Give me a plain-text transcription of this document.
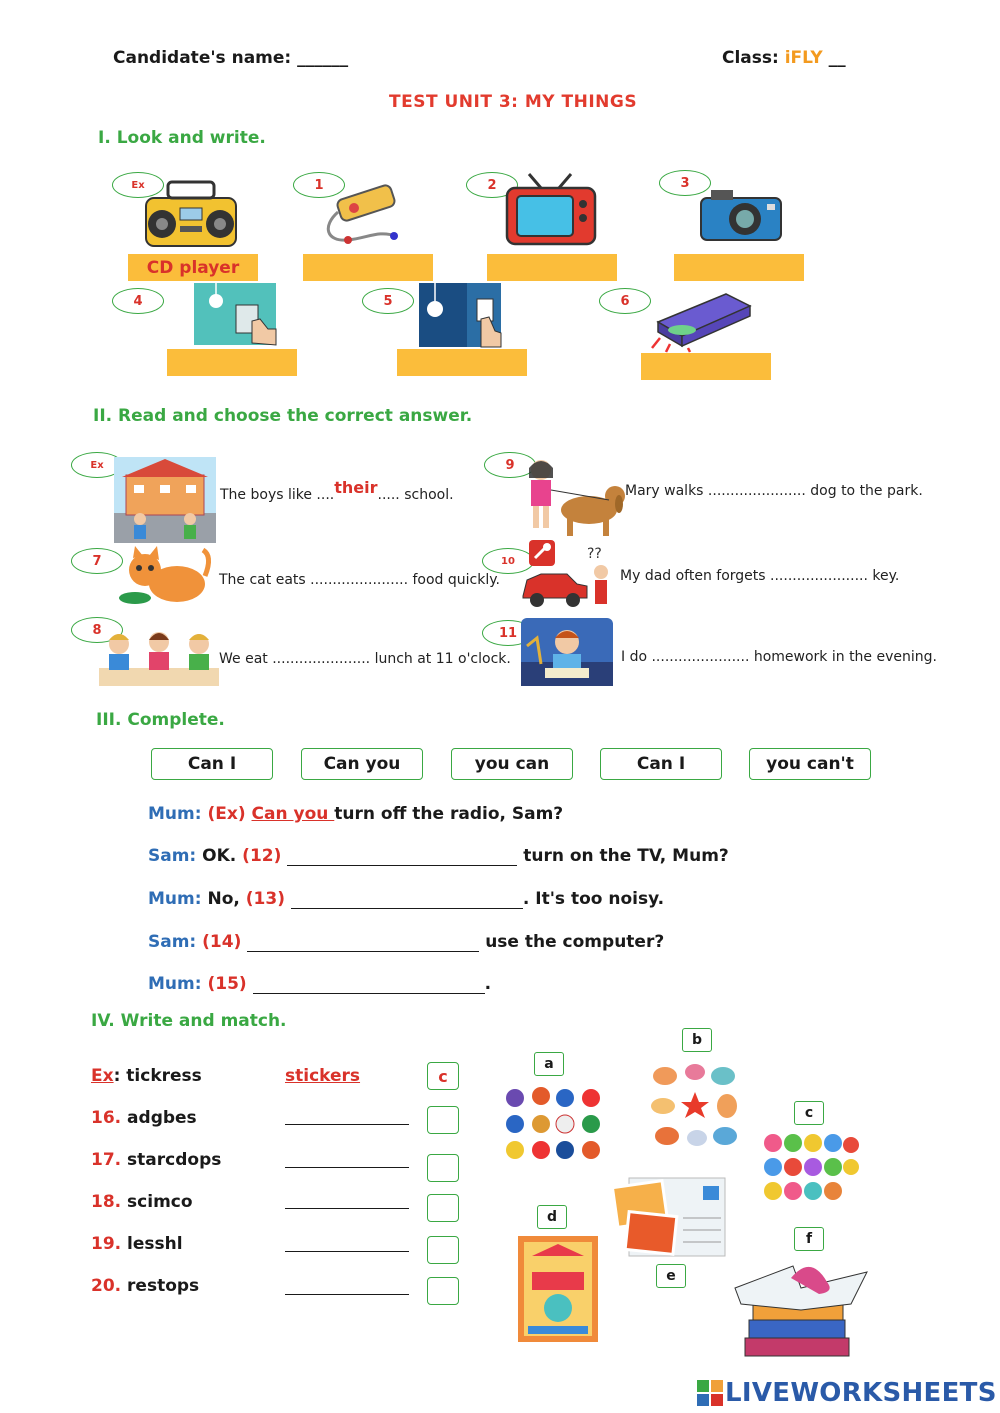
Candidate's name: ______	Class: iFLY __
TEST UNIT 3: MY THINGS
I. Look and write.
Ex
CD player
1	2	3
4	5	6
II. Read and choose the correct answer.
Ex
The boys like ....their..... school.
7
The cat eats ...................... food quickly.
8
We eat ...................... lunch at 11 o'clock.
9
Mary walks ...................... dog to the park.
10	??
My dad often forgets ...................... key.
11
I do ...................... homework in the evening.
III. Complete.
Can I	Can you	you can	Can I	you can't
Mum: (Ex) Can you turn off the radio, Sam?
Sam: OK. (12)	turn on the TV, Mum?
Mum: No, (13)	. It's too noisy.
Sam: (14)	use the computer?
Mum: (15)	.
IV. Write and match.
Ex: tickress	stickers	c
16. adgbes
17. starcdops
18. scimco
19. lesshl
20. restops
a
b
c
d
e
f
LIVEWORKSHEETS
